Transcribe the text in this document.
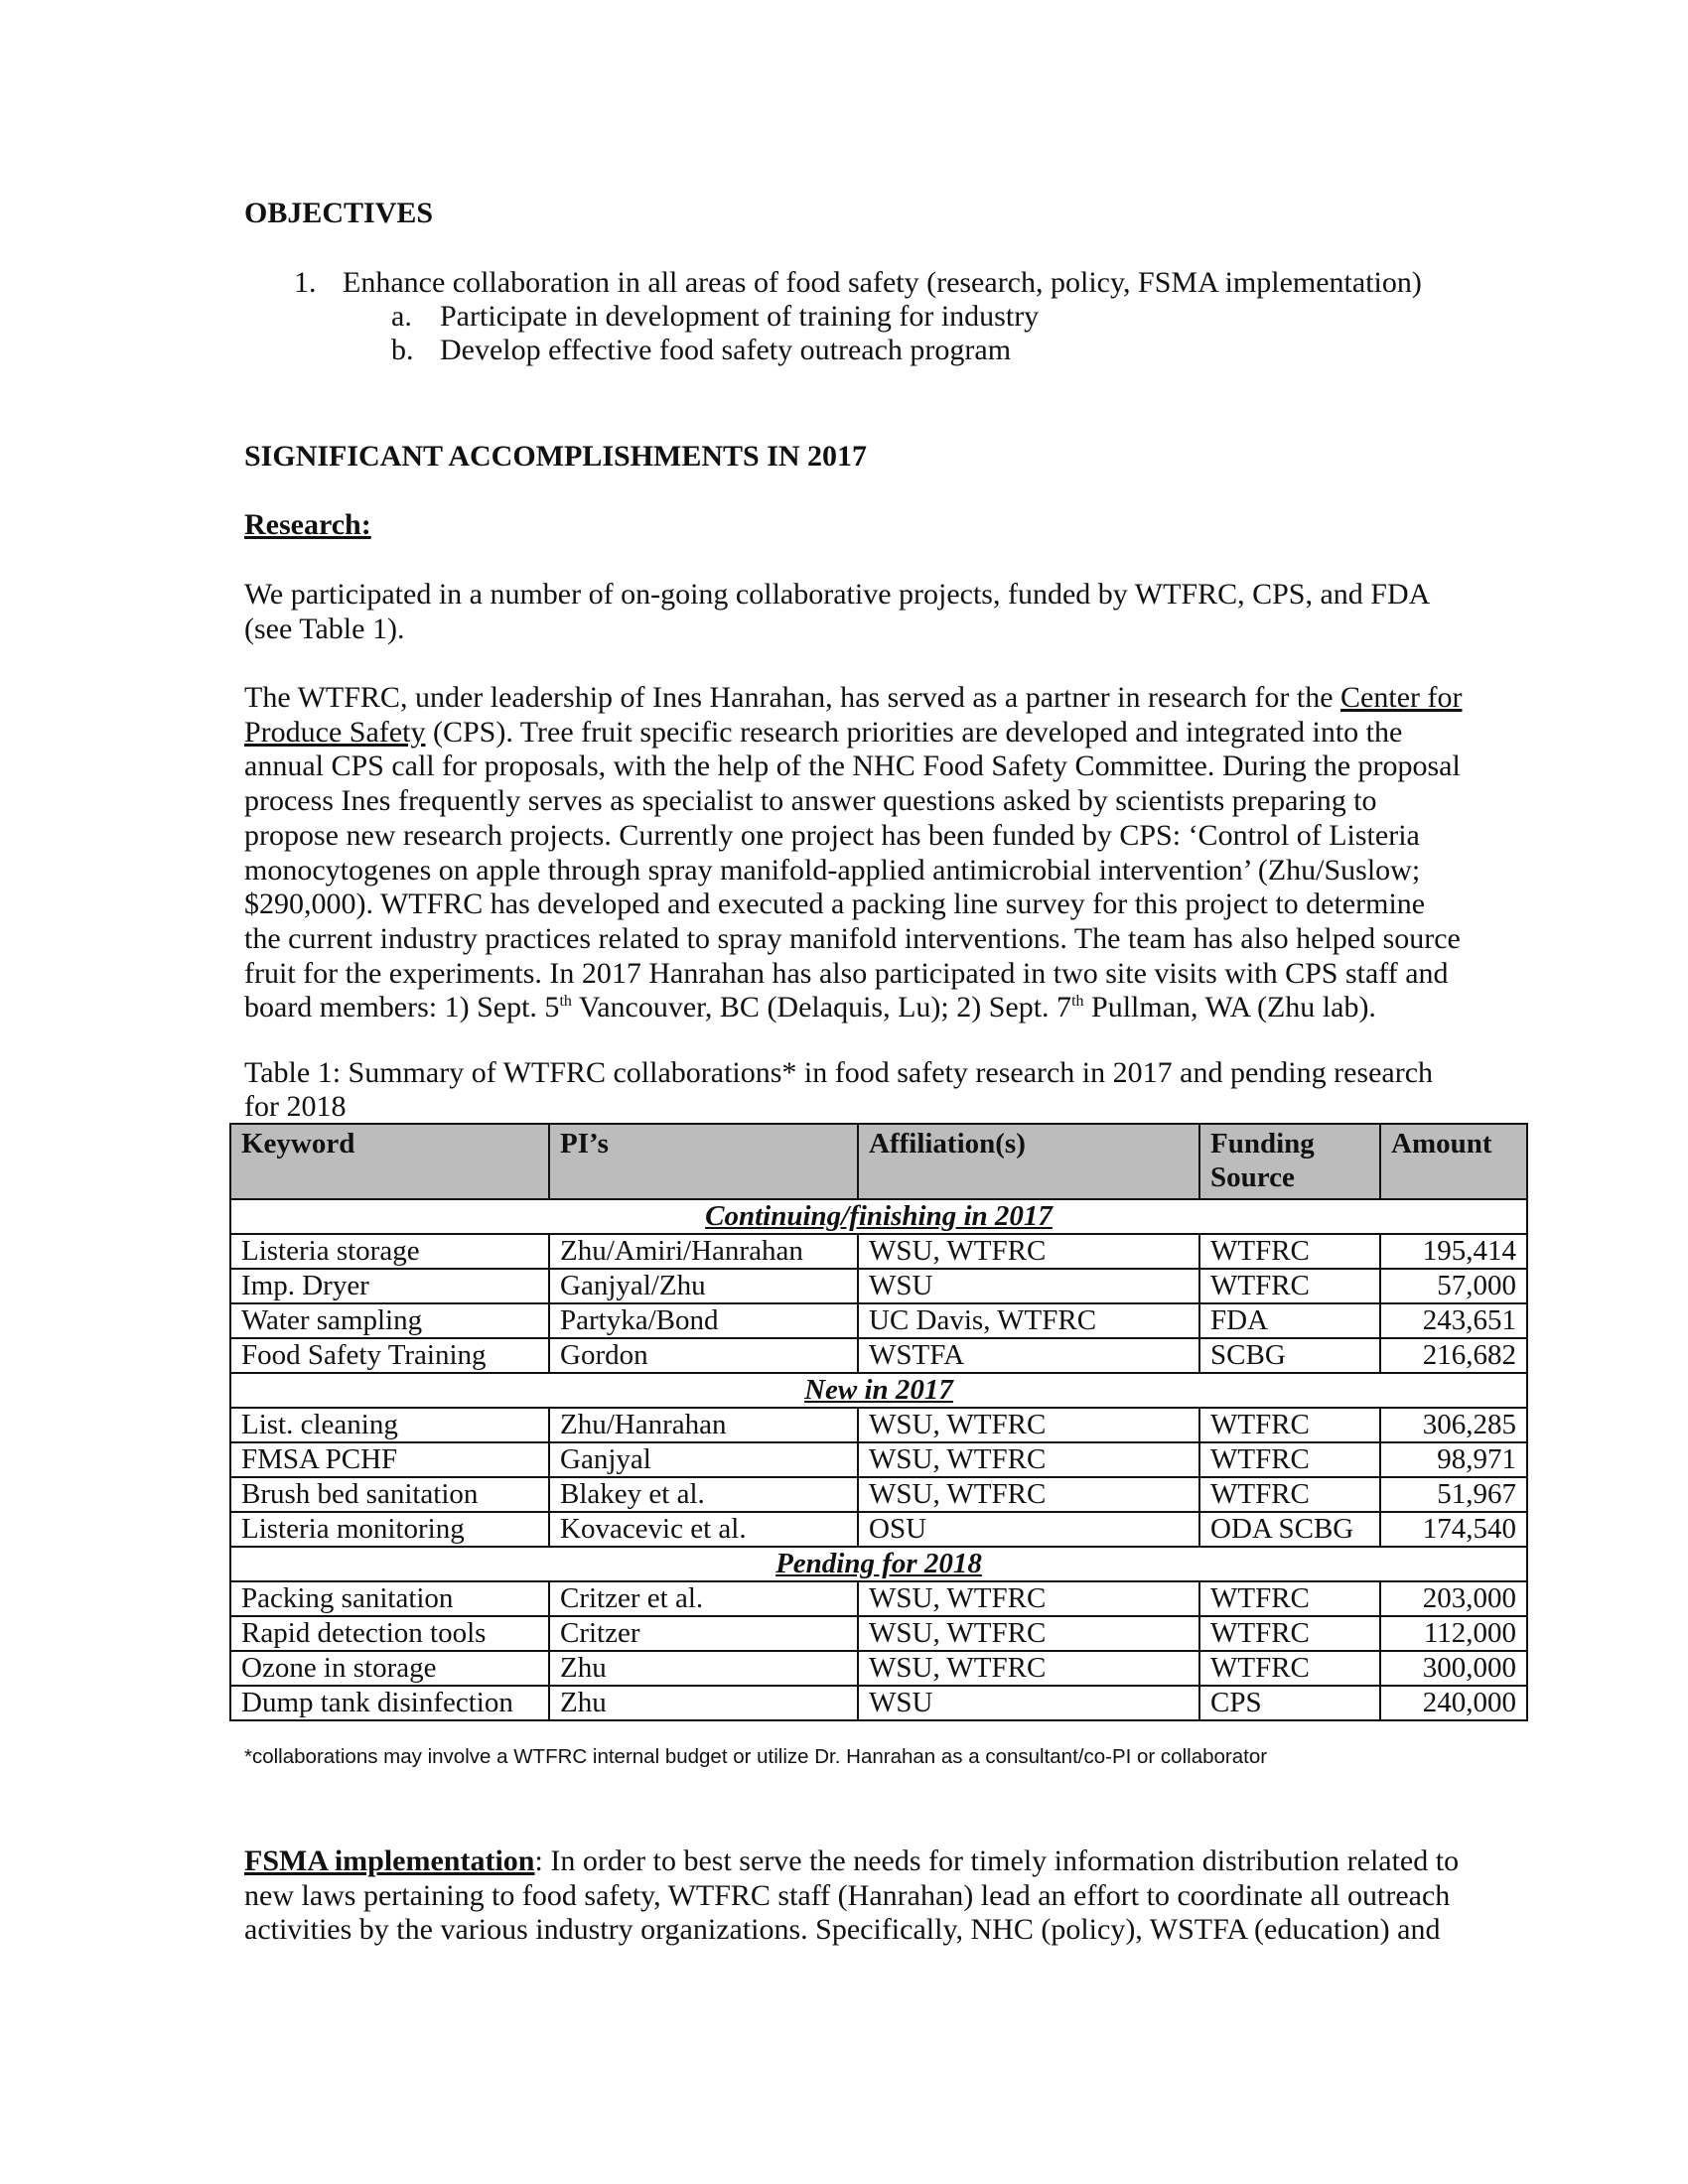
OBJECTIVES
1. Enhance collaboration in all areas of food safety (research, policy, FSMA implementation)
a. Participate in development of training for industry
b. Develop effective food safety outreach program
SIGNIFICANT ACCOMPLISHMENTS IN 2017
Research:
We participated in a number of on-going collaborative projects, funded by WTFRC, CPS, and FDA
(see Table 1).
The WTFRC, under leadership of Ines Hanrahan, has served as a partner in research for the Center for
Produce Safety (CPS). Tree fruit specific research priorities are developed and integrated into the
annual CPS call for proposals, with the help of the NHC Food Safety Committee. During the proposal
process Ines frequently serves as specialist to answer questions asked by scientists preparing to
propose new research projects. Currently one project has been funded by CPS: ‘Control of Listeria
monocytogenes on apple through spray manifold-applied antimicrobial intervention’ (Zhu/Suslow;
$290,000). WTFRC has developed and executed a packing line survey for this project to determine
the current industry practices related to spray manifold interventions. The team has also helped source
fruit for the experiments. In 2017 Hanrahan has also participated in two site visits with CPS staff and
board members: 1) Sept. 5th Vancouver, BC (Delaquis, Lu); 2) Sept. 7th Pullman, WA (Zhu lab).
Table 1: Summary of WTFRC collaborations* in food safety research in 2017 and pending research
for 2018
Keyword	PI’s	Affiliation(s)	Funding Source	Amount
Continuing/finishing in 2017				
Listeria storage	Zhu/Amiri/Hanrahan	WSU, WTFRC	WTFRC	195,414
Imp. Dryer	Ganjyal/Zhu	WSU	WTFRC	57,000
Water sampling	Partyka/Bond	UC Davis, WTFRC	FDA	243,651
Food Safety Training	Gordon	WSTFA	SCBG	216,682
New in 2017				
List. cleaning	Zhu/Hanrahan	WSU, WTFRC	WTFRC	306,285
FMSA PCHF	Ganjyal	WSU, WTFRC	WTFRC	98,971
Brush bed sanitation	Blakey et al.	WSU, WTFRC	WTFRC	51,967
Listeria monitoring	Kovacevic et al.	OSU	ODA SCBG	174,540
Pending for 2018				
Packing sanitation	Critzer et al.	WSU, WTFRC	WTFRC	203,000
Rapid detection tools	Critzer	WSU, WTFRC	WTFRC	112,000
Ozone in storage	Zhu	WSU, WTFRC	WTFRC	300,000
Dump tank disinfection	Zhu	WSU	CPS	240,000
*collaborations may involve a WTFRC internal budget or utilize Dr. Hanrahan as a consultant/co-PI or collaborator
FSMA implementation: In order to best serve the needs for timely information distribution related to
new laws pertaining to food safety, WTFRC staff (Hanrahan) lead an effort to coordinate all outreach
activities by the various industry organizations. Specifically, NHC (policy), WSTFA (education) and
